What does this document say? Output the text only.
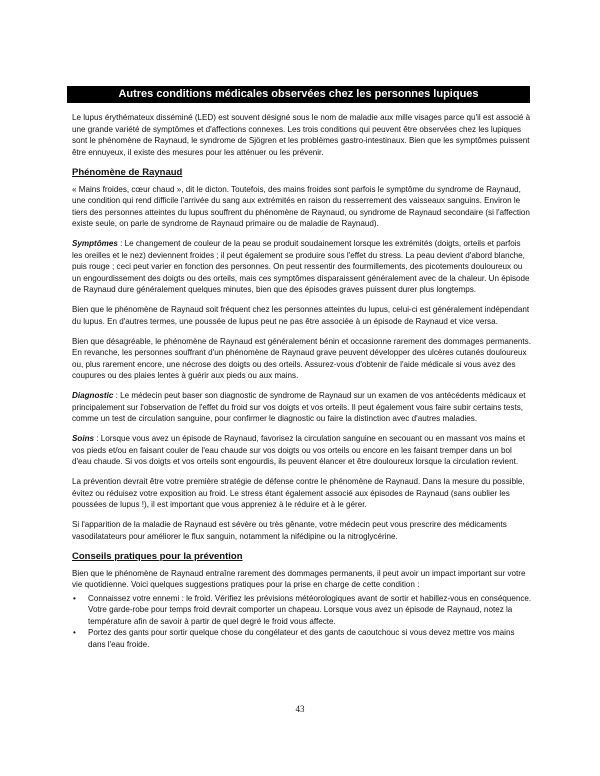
Autres conditions médicales observées chez les personnes lupiques

Le lupus érythémateux disséminé (LED) est souvent désigné sous le nom de maladie aux mille visages parce qu'il est associé à une grande variété de symptômes et d'affections connexes. Les trois conditions qui peuvent être observées chez les lupiques sont le phénomène de Raynaud, le syndrome de Sjögren et les problèmes gastro-intestinaux. Bien que les symptômes puissent être ennuyeux, il existe des mesures pour les atténuer ou les prévenir.

Phénomène de Raynaud

« Mains froides, cœur chaud », dit le dicton. Toutefois, des mains froides sont parfois le symptôme du syndrome de Raynaud, une condition qui rend difficile l'arrivée du sang aux extrémités en raison du resserrement des vaisseaux sanguins. Environ le tiers des personnes atteintes du lupus souffrent du phénomène de Raynaud, ou syndrome de Raynaud secondaire (si l'affection existe seule, on parle de syndrome de Raynaud primaire ou de maladie de Raynaud).

Symptômes : Le changement de couleur de la peau se produit soudainement lorsque les extrémités (doigts, orteils et parfois les oreilles et le nez) deviennent froides ; il peut également se produire sous l'effet du stress. La peau devient d'abord blanche, puis rouge ; ceci peut varier en fonction des personnes. On peut ressentir des fourmillements, des picotements douloureux ou un engourdissement des doigts ou des orteils, mais ces symptômes disparaissent généralement avec de la chaleur. Un épisode de Raynaud dure généralement quelques minutes, bien que des épisodes graves puissent durer plus longtemps.

Bien que le phénomène de Raynaud soit fréquent chez les personnes atteintes du lupus, celui-ci est généralement indépendant du lupus. En d'autres termes, une poussée de lupus peut ne pas être associée à un épisode de Raynaud et vice versa.

Bien que désagréable, le phénomène de Raynaud est généralement bénin et occasionne rarement des dommages permanents. En revanche, les personnes souffrant d'un phénomène de Raynaud grave peuvent développer des ulcères cutanés douloureux ou, plus rarement encore, une nécrose des doigts ou des orteils. Assurez-vous d'obtenir de l'aide médicale si vous avez des coupures ou des plaies lentes à guérir aux pieds ou aux mains.

Diagnostic : Le médecin peut baser son diagnostic de syndrome de Raynaud sur un examen de vos antécédents médicaux et principalement sur l'observation de l'effet du froid sur vos doigts et vos orteils. Il peut également vous faire subir certains tests, comme un test de circulation sanguine, pour confirmer le diagnostic ou faire la distinction avec d'autres maladies.

Soins : Lorsque vous avez un épisode de Raynaud, favorisez la circulation sanguine en secouant ou en massant vos mains et vos pieds et/ou en faisant couler de l'eau chaude sur vos doigts ou vos orteils ou encore en les faisant tremper dans un bol d'eau chaude. Si vos doigts et vos orteils sont engourdis, ils peuvent élancer et être douloureux lorsque la circulation revient.

La prévention devrait être votre première stratégie de défense contre le phénomène de Raynaud. Dans la mesure du possible, évitez ou réduisez votre exposition au froid. Le stress étant également associé aux épisodes de Raynaud (sans oublier les poussées de lupus !), il est important que vous appreniez à le réduire et à le gérer.

Si l'apparition de la maladie de Raynaud est sévère ou très gênante, votre médecin peut vous prescrire des médicaments vasodilatateurs pour améliorer le flux sanguin, notamment la nifédipine ou la nitroglycérine.

Conseils pratiques pour la prévention

Bien que le phénomène de Raynaud entraîne rarement des dommages permanents, il peut avoir un impact important sur votre vie quotidienne. Voici quelques suggestions pratiques pour la prise en charge de cette condition :

• Connaissez votre ennemi : le froid. Vérifiez les prévisions météorologiques avant de sortir et habillez-vous en conséquence. Votre garde-robe pour temps froid devrait comporter un chapeau. Lorsque vous avez un épisode de Raynaud, notez la température afin de savoir à partir de quel degré le froid vous affecte.
• Portez des gants pour sortir quelque chose du congélateur et des gants de caoutchouc si vous devez mettre vos mains dans l'eau froide.
43
